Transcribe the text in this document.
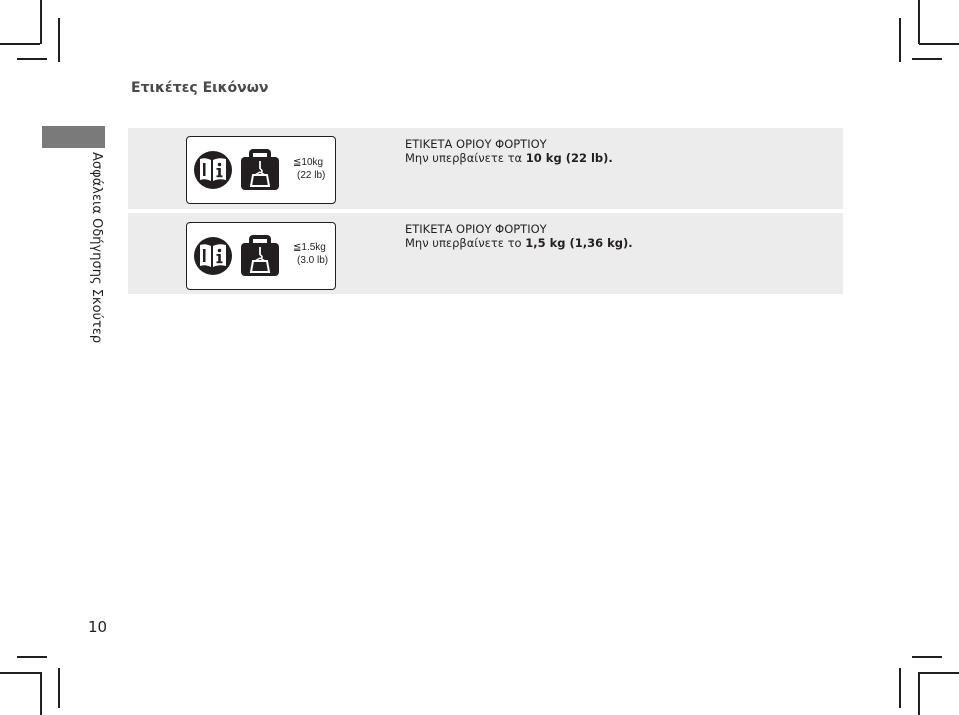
Ετικέτες Εικόνων
Ασφάλεια Οδήγησης Σκούτερ	≦10kg
(22 lb)
ΕΤΙΚΕΤΑ ΟΡΙΟΥ ΦΟΡΤΙΟΥ
Μην υπερβαίνετε τα 10 kg (22 lb).
≦1.5kg
(3.0 lb)
ΕΤΙΚΕΤΑ ΟΡΙΟΥ ΦΟΡΤΙΟΥ
Μην υπερβαίνετε το 1,5 kg (1,36 kg).
10
